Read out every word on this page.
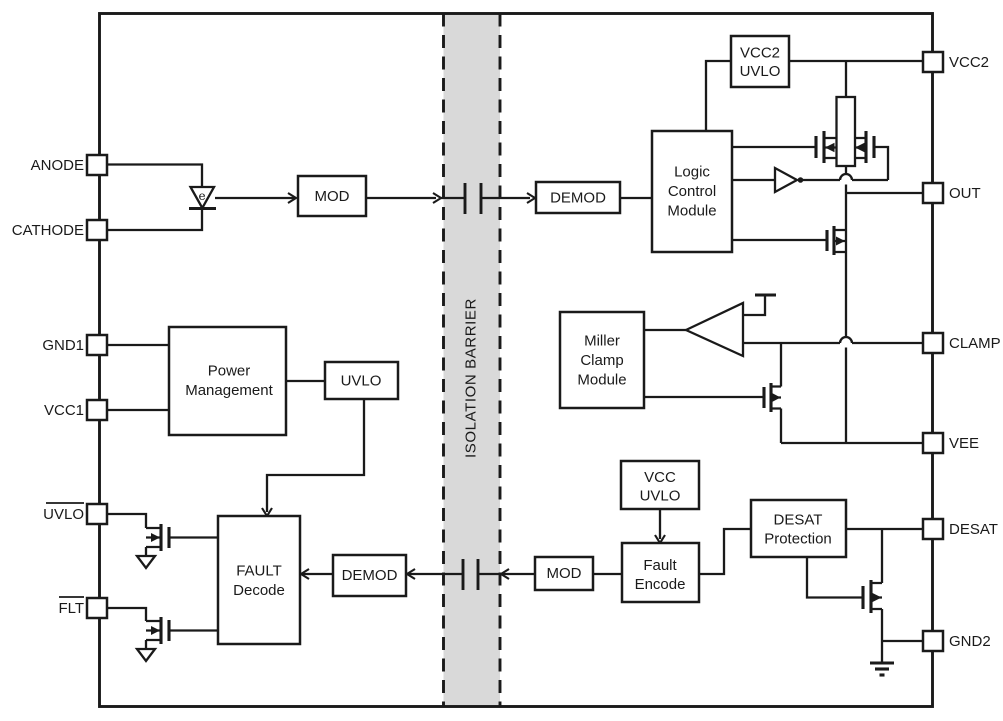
ISOLATION BARRIER
e	MOD	DEMOD
Logic
Control
Module
VCC2
UVLO
Miller
Clamp
Module
Power
Management
UVLO
FAULT
Decode
DEMOD	MOD
VCC
UVLO
Fault
Encode
DESAT
Protection
ANODE
CATHODE
GND1
VCC1
UVLO
FLT
VCC2
OUT
CLAMP
VEE
DESAT
GND2
